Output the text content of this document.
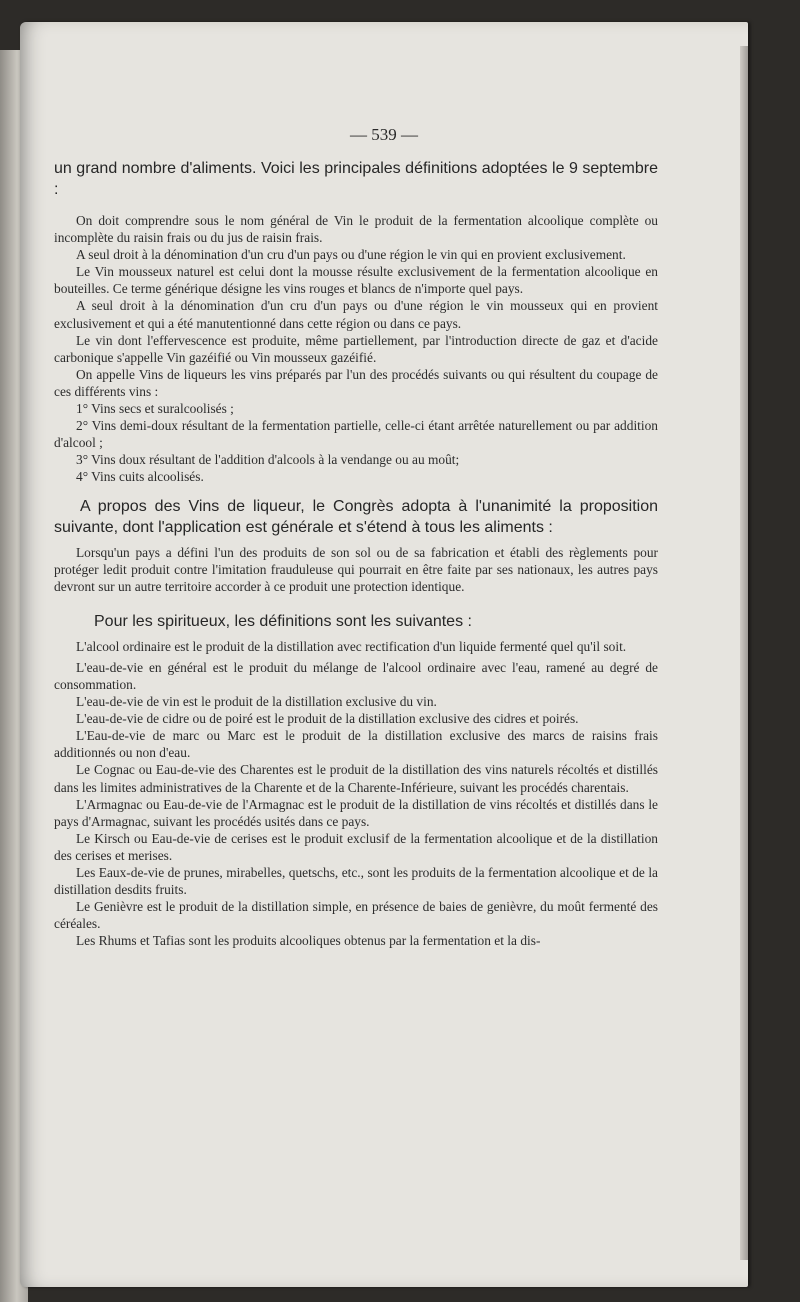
— 539 —

un grand nombre d'aliments. Voici les principales définitions adoptées le 9 septembre :

On doit comprendre sous le nom général de Vin le produit de la fermentation alcoolique complète ou incomplète du raisin frais ou du jus de raisin frais.

A seul droit à la dénomination d'un cru d'un pays ou d'une région le vin qui en provient exclusivement.

Le Vin mousseux naturel est celui dont la mousse résulte exclusivement de la fermentation alcoolique en bouteilles. Ce terme générique désigne les vins rouges et blancs de n'importe quel pays.

A seul droit à la dénomination d'un cru d'un pays ou d'une région le vin mousseux qui en provient exclusivement et qui a été manutentionné dans cette région ou dans ce pays.

Le vin dont l'effervescence est produite, même partiellement, par l'introduction directe de gaz et d'acide carbonique s'appelle Vin gazéifié ou Vin mousseux gazéifié.

On appelle Vins de liqueurs les vins préparés par l'un des procédés suivants ou qui résultent du coupage de ces différents vins :

1° Vins secs et suralcoolisés ;

2° Vins demi-doux résultant de la fermentation partielle, celle-ci étant arrêtée naturellement ou par addition d'alcool ;

3° Vins doux résultant de l'addition d'alcools à la vendange ou au moût;

4° Vins cuits alcoolisés.

A propos des Vins de liqueur, le Congrès adopta à l'unanimité la proposition suivante, dont l'application est générale et s'étend à tous les aliments :

Lorsqu'un pays a défini l'un des produits de son sol ou de sa fabrication et établi des règlements pour protéger ledit produit contre l'imitation frauduleuse qui pourrait en être faite par ses nationaux, les autres pays devront sur un autre territoire accorder à ce produit une protection identique.

Pour les spiritueux, les définitions sont les suivantes :

L'alcool ordinaire est le produit de la distillation avec rectification d'un liquide fermenté quel qu'il soit.

L'eau-de-vie en général est le produit du mélange de l'alcool ordinaire avec l'eau, ramené au degré de consommation.

L'eau-de-vie de vin est le produit de la distillation exclusive du vin.

L'eau-de-vie de cidre ou de poiré est le produit de la distillation exclusive des cidres et poirés.

L'Eau-de-vie de marc ou Marc est le produit de la distillation exclusive des marcs de raisins frais additionnés ou non d'eau.

Le Cognac ou Eau-de-vie des Charentes est le produit de la distillation des vins naturels récoltés et distillés dans les limites administratives de la Charente et de la Charente-Inférieure, suivant les procédés charentais.

L'Armagnac ou Eau-de-vie de l'Armagnac est le produit de la distillation de vins récoltés et distillés dans le pays d'Armagnac, suivant les procédés usités dans ce pays.

Le Kirsch ou Eau-de-vie de cerises est le produit exclusif de la fermentation alcoolique et de la distillation des cerises et merises.

Les Eaux-de-vie de prunes, mirabelles, quetschs, etc., sont les produits de la fermentation alcoolique et de la distillation desdits fruits.

Le Genièvre est le produit de la distillation simple, en présence de baies de genièvre, du moût fermenté des céréales.

Les Rhums et Tafias sont les produits alcooliques obtenus par la fermentation et la dis-
